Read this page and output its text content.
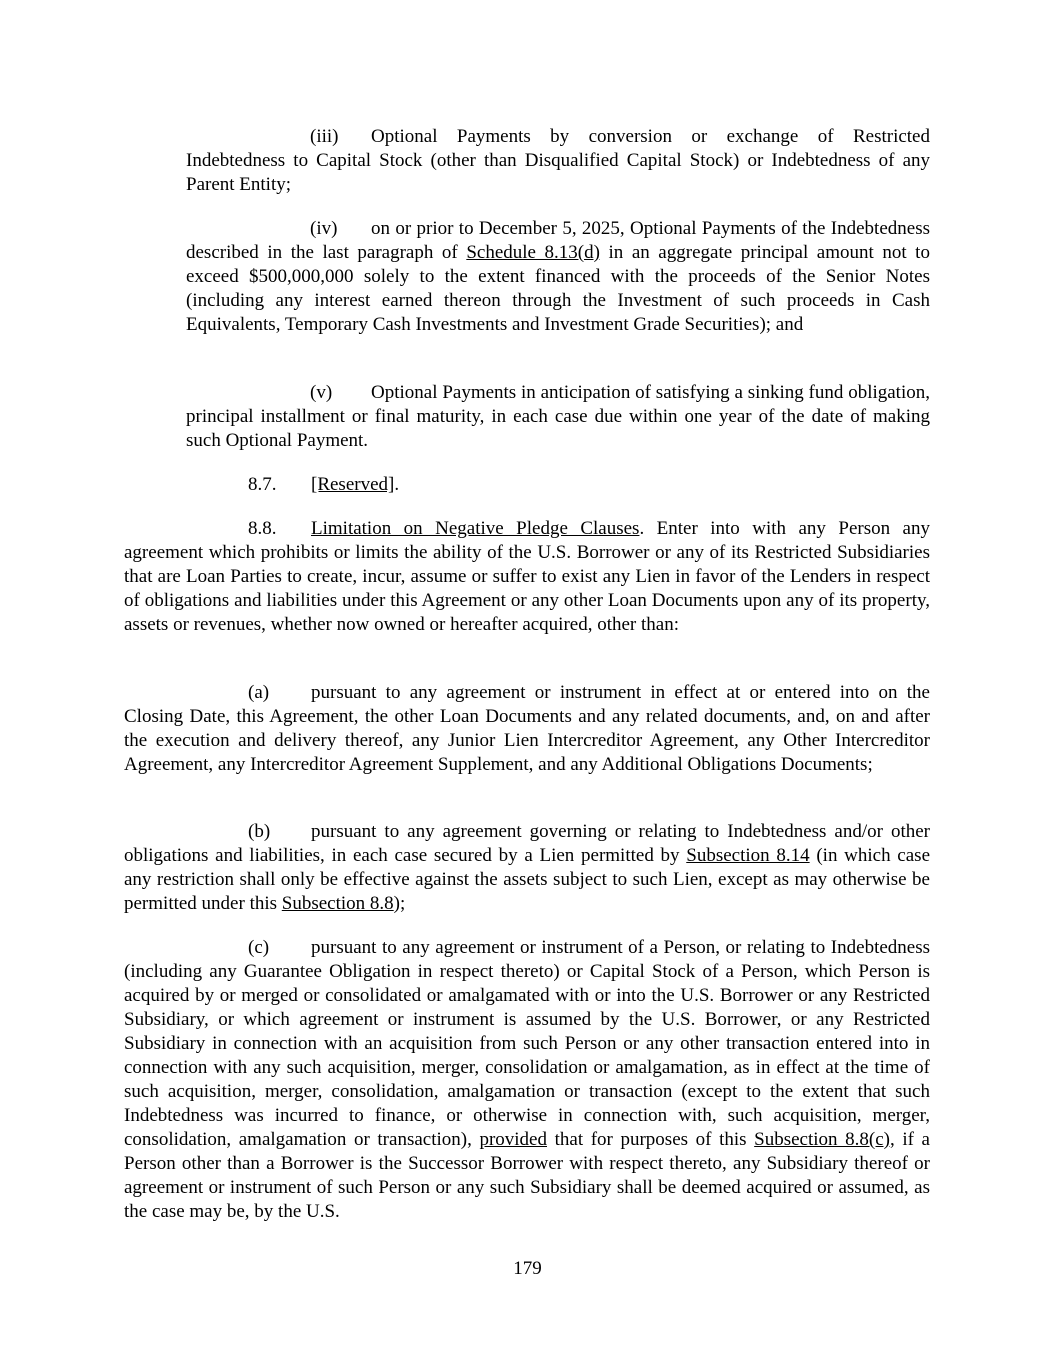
(iii) Optional Payments by conversion or exchange of Restricted Indebtedness to Capital Stock (other than Disqualified Capital Stock) or Indebtedness of any Parent Entity;

(iv) on or prior to December 5, 2025, Optional Payments of the Indebtedness described in the last paragraph of Schedule 8.13(d) in an aggregate principal amount not to exceed $500,000,000 solely to the extent financed with the proceeds of the Senior Notes (including any interest earned thereon through the Investment of such proceeds in Cash Equivalents, Temporary Cash Investments and Investment Grade Securities); and

(v) Optional Payments in anticipation of satisfying a sinking fund obligation, principal installment or final maturity, in each case due within one year of the date of making such Optional Payment.

8.7. [Reserved].

8.8. Limitation on Negative Pledge Clauses. Enter into with any Person any agreement which prohibits or limits the ability of the U.S. Borrower or any of its Restricted Subsidiaries that are Loan Parties to create, incur, assume or suffer to exist any Lien in favor of the Lenders in respect of obligations and liabilities under this Agreement or any other Loan Documents upon any of its property, assets or revenues, whether now owned or hereafter acquired, other than:

(a) pursuant to any agreement or instrument in effect at or entered into on the Closing Date, this Agreement, the other Loan Documents and any related documents, and, on and after the execution and delivery thereof, any Junior Lien Intercreditor Agreement, any Other Intercreditor Agreement, any Intercreditor Agreement Supplement, and any Additional Obligations Documents;

(b) pursuant to any agreement governing or relating to Indebtedness and/or other obligations and liabilities, in each case secured by a Lien permitted by Subsection 8.14 (in which case any restriction shall only be effective against the assets subject to such Lien, except as may otherwise be permitted under this Subsection 8.8);

(c) pursuant to any agreement or instrument of a Person, or relating to Indebtedness (including any Guarantee Obligation in respect thereto) or Capital Stock of a Person, which Person is acquired by or merged or consolidated or amalgamated with or into the U.S. Borrower or any Restricted Subsidiary, or which agreement or instrument is assumed by the U.S. Borrower, or any Restricted Subsidiary in connection with an acquisition from such Person or any other transaction entered into in connection with any such acquisition, merger, consolidation or amalgamation, as in effect at the time of such acquisition, merger, consolidation, amalgamation or transaction (except to the extent that such Indebtedness was incurred to finance, or otherwise in connection with, such acquisition, merger, consolidation, amalgamation or transaction), provided that for purposes of this Subsection 8.8(c), if a Person other than a Borrower is the Successor Borrower with respect thereto, any Subsidiary thereof or agreement or instrument of such Person or any such Subsidiary shall be deemed acquired or assumed, as the case may be, by the U.S.

179
